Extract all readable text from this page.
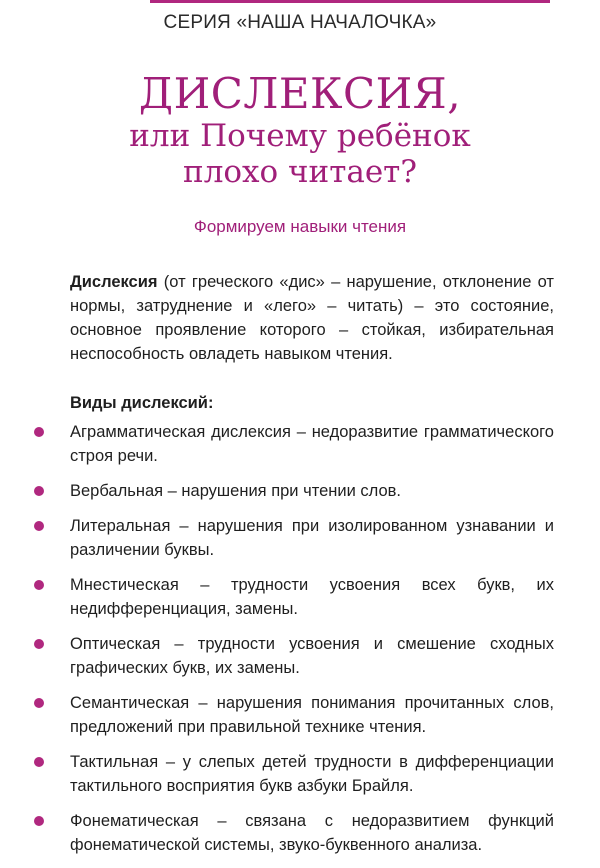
СЕРИЯ «НАША НАЧАЛОЧКА»

ДИСЛЕКСИЯ,

или Почему ребёнок

плохо читает?

Формируем навыки чтения

Дислексия (от греческого «дис» – нарушение, отклонение от нормы, затруднение и «лего» – читать) – это состояние, основное проявление которого – стойкая, избирательная неспособность овладеть навыком чтения.

Виды дислексий:

Аграмматическая дислексия – недоразвитие грамматического строя речи.
Вербальная – нарушения при чтении слов.
Литеральная – нарушения при изолированном узнавании и различении буквы.
Мнестическая – трудности усвоения всех букв, их недифференциация, замены.
Оптическая – трудности усвоения и смешение сходных графических букв, их замены.
Семантическая – нарушения понимания прочитанных слов, предложений при правильной технике чтения.
Тактильная – у слепых детей трудности в дифференциации тактильного восприятия букв азбуки Брайля.
Фонематическая – связана с недоразвитием функций фонематической системы, звуко-буквенного анализа.
